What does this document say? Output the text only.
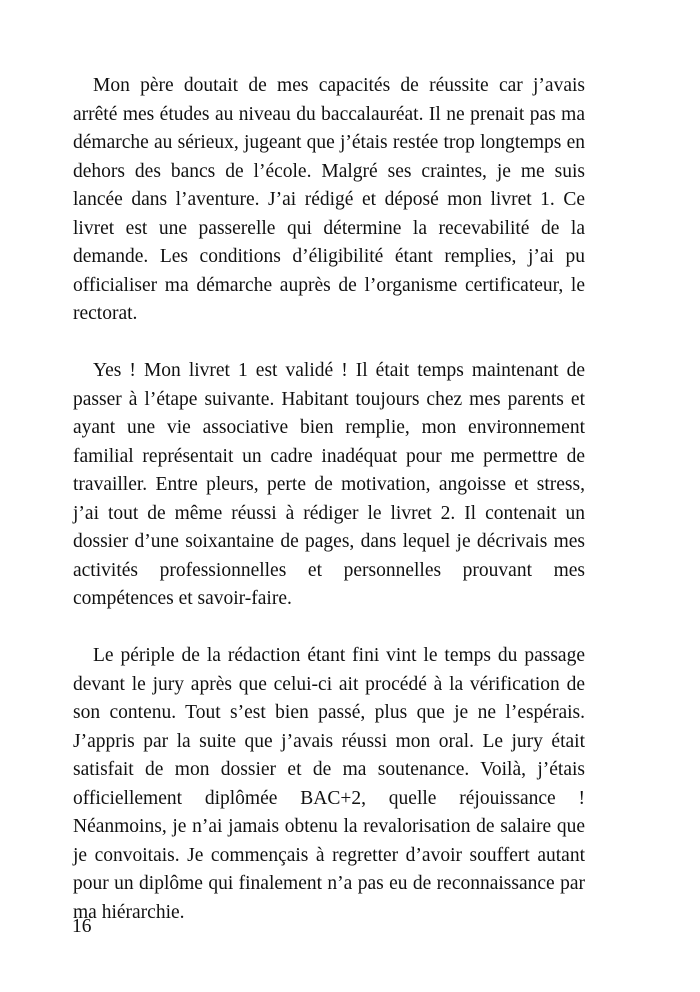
Mon père doutait de mes capacités de réussite car j’avais arrêté mes études au niveau du baccalauréat. Il ne prenait pas ma démarche au sérieux, jugeant que j’étais restée trop longtemps en dehors des bancs de l’école. Malgré ses craintes, je me suis lancée dans l’aventure. J’ai rédigé et déposé mon livret 1. Ce livret est une passerelle qui détermine la recevabilité de la demande. Les conditions d’éligibilité étant remplies, j’ai pu officialiser ma démarche auprès de l’organisme certificateur, le rectorat.

Yes ! Mon livret 1 est validé ! Il était temps maintenant de passer à l’étape suivante. Habitant toujours chez mes parents et ayant une vie associative bien remplie, mon environnement familial représentait un cadre inadéquat pour me permettre de travailler. Entre pleurs, perte de motivation, angoisse et stress, j’ai tout de même réussi à rédiger le livret 2. Il contenait un dossier d’une soixantaine de pages, dans lequel je décrivais mes activités professionnelles et personnelles prouvant mes compétences et savoir-faire.

Le périple de la rédaction étant fini vint le temps du passage devant le jury après que celui-ci ait procédé à la vérification de son contenu. Tout s’est bien passé, plus que je ne l’espérais. J’appris par la suite que j’avais réussi mon oral. Le jury était satisfait de mon dossier et de ma soutenance. Voilà, j’étais officiellement diplômée BAC+2, quelle réjouissance ! Néanmoins, je n’ai jamais obtenu la revalorisation de salaire que je convoitais. Je commençais à regretter d’avoir souffert autant pour un diplôme qui finalement n’a pas eu de reconnaissance par ma hiérarchie.

16
